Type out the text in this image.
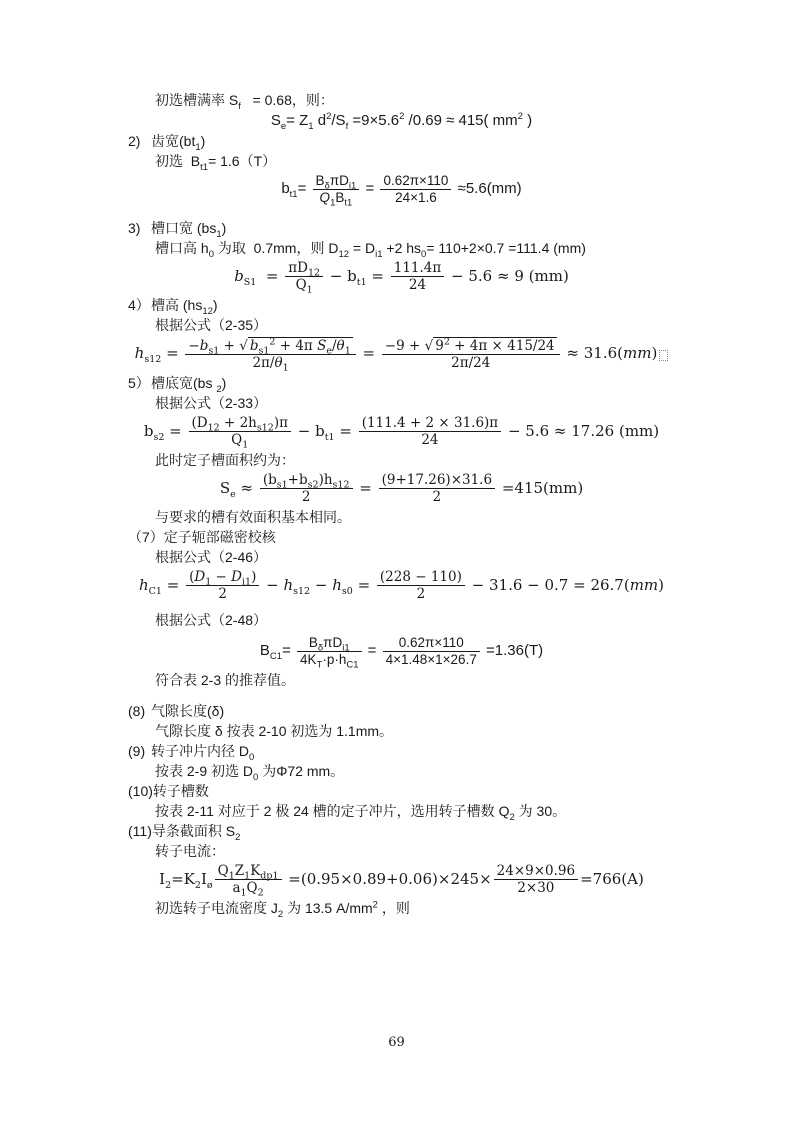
初选槽满率 $S_f = 0.68$，则：
$S_e= Z_1$ $d^2/S_f =9\times 5.6^2$ /0.69 ≈ 415( $mm^2$ )
2) 齿宽$(bt_1)$
初选  $B_{t1}= 1.6(T)$
$b_{t1}= \frac{B_\delta\pi D_{i1}}{Q_1B_{t1}} = \frac{0.62\pi\times 110}{24\times 1.6} \approx 5.6(mm)$
3) 槽口宽 $(bs_1)$
槽口高 $h_0$ 为取  0.7mm，则 $D_{12} = D_{i1} +2$ $hs_0= 110+2\times 0.7 =111.4$ (mm)
$b_{S1} = \frac{\pi D_{12}}{Q_1} - b_{t1} = \frac{111.4\pi}{24} - 5.6 \approx 9$ (mm)
4）槽高 $(hs_{12})$
根据公式（2-35）
$h_{s12} = \frac{-b_{s1} + √ b_{s1}^2 + 4\pi S_e/\theta_1}{2\pi/\theta_1} = \frac{-9 + √ 9^2 + 4\pi \times 415/24}{2\pi/24} \approx 31.6(mm)$
5）槽底宽(bs $_2$)
根据公式（2-33）
$b_{s2} = \frac{(D_{12} + 2h_{s12})\pi}{Q_1} - b_{t1} = \frac{(111.4 + 2 \times 31.6)\pi}{24} - 5.6 \approx 17.26$ (mm)
此时定子槽面积约为：
$S_e \approx \frac{(b_{s1}+b_{s2})h_{s12}}{2} = \frac{(9+17.26)\times 31.6}{2} =415(mm)$
与要求的槽有效面积基本相同。
（7）定子轭部磁密校核
根据公式（2-46）
$h_{C1} = \frac{(D_1 - D_{i1})}{2} - h_{s12} - h_{s0} = \frac{(228 - 110)}{2} - 31.6 - 0.7 = 26.7(mm)$
根据公式（2-48）
$B_{C1}= \frac{B_\delta\pi D_{i1}}{4K_T\cdot p\cdot h_{C1}} = \frac{0.62\pi\times 110}{4\times 1.48\times 1\times 26.7} =1.36(T)$
符合表 2-3 的推荐值。
(8) 气隙长度(δ)
气隙长度 δ 按表 2-10 初选为 1.1mm。
(9) 转子冲片内径 $D_0$
按表 2-9 初选 $D_0$ 为Φ72 mm。
(10)转子槽数
按表 2-11 对应于 2 极 24 槽的定子冲片，选用转子槽数 $Q_2$ 为 30。
(11)导条截面积 $S_2$
转子电流：
$I_2=K_2I_ø \frac{Q_1Z_1K_{dp1}}{a_1Q_2} =(0.95\times 0.89+0.06)\times 245\times \frac{24\times 9\times 0.96}{2\times 30} =766(A)$
初选转子电流密度 $J_2$ 为 13.5 $A/mm^2$ ，则
69
